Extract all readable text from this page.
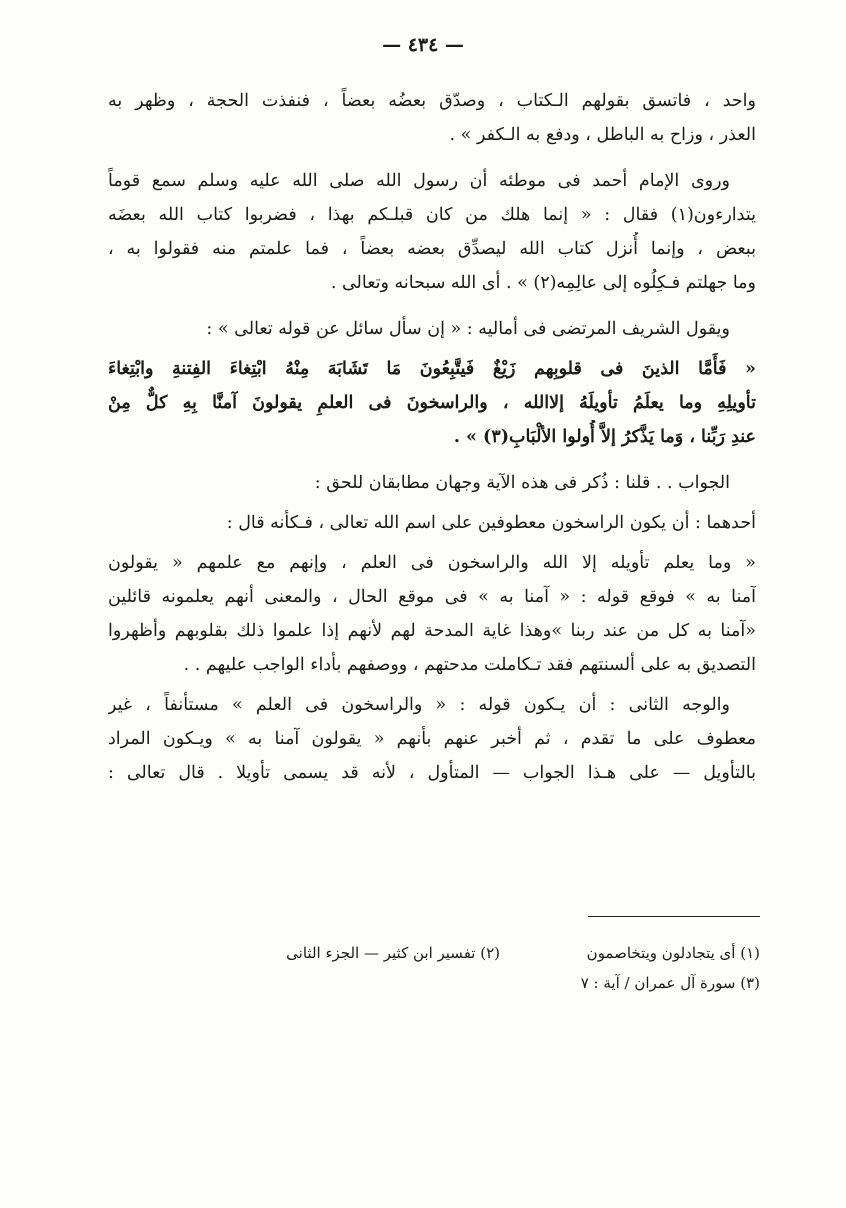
— ٤٣٤ —
واحد ، فاتسق بقولهم الـكتاب ، وصدّق بعضُه بعضاً ، فنفذت الحجة ، وظهر به
العذر ، وزاح به الباطل ، ودفع به الـكفر » .
وروى الإمام أحمد فى موطئه أن رسول الله صلى الله عليه وسلم سمع قوماً
يتدارءون(١) فقال : « إنما هلك من كان قبلـكم بهذا ، فضربوا كتاب الله بعضَه
ببعض ، وإنما أُنزل كتاب الله ليصدِّق بعضه بعضاً ، فما علمتم منه فقولوا به ،
وما جهلتم فـكِلُوه إلى عالِمِه(٢) » . أى الله سبحانه وتعالى .
ويقول الشريف المرتضى فى أماليه : « إن سأل سائل عن قوله تعالى » :
« فَأَمَّا الذينَ فى قلوبِهم زَيْغٌ فَيتَّبِعُونَ مَا تَشَابَهَ مِنْهُ ابْتِغاءَ الفِتنةِ وابْتِغاءَ
تأويلِهِ وما يعلَمُ تأويلَهُ إلاالله ، والراسخونَ فى العلمِ يقولونَ آمنَّا بِهِ كلٌّ مِنْ
عندِ رَبِّنا ، وَما يَذَّكرُ إلاَّ أُولوا الألْبَابِ(٣) » .
الجواب . . قلنا : ذُكر فى هذه الآية وجهان مطابقان للحق :
أحدهما : أن يكون الراسخون معطوفين على اسم الله تعالى ، فـكأنه قال :
« وما يعلم تأويله إلا الله والراسخون فى العلم ، وإنهم مع علمهم « يقولون
آمنا به » فوقع قوله : « آمنا به » فى موقع الحال ، والمعنى أنهم يعلمونه قائلين
«آمنا به كل من عند ربنا »وهذا غاية المدحة لهم لأنهم إذا علموا ذلك بقلوبهم وأظهروا
التصديق به على ألسنتهم فقد تـكاملت مدحتهم ، ووصفهم بأداء الواجب عليهم . .
والوجه الثانى : أن يـكون قوله : « والراسخون فى العلم » مستأنفاً ، غير
معطوف على ما تقدم ، ثم أخبر عنهم بأنهم « يقولون آمنا به » ويـكون المراد
بالتأويل — على هـذا الجواب — المتأول ، لأنه قد يسمى تأويلا . قال تعالى :
(١) أى يتجادلون ويتخاصمون
(٢) تفسير ابن كثير — الجزء الثانى
(٣) سورة آل عمران / آية : ٧
